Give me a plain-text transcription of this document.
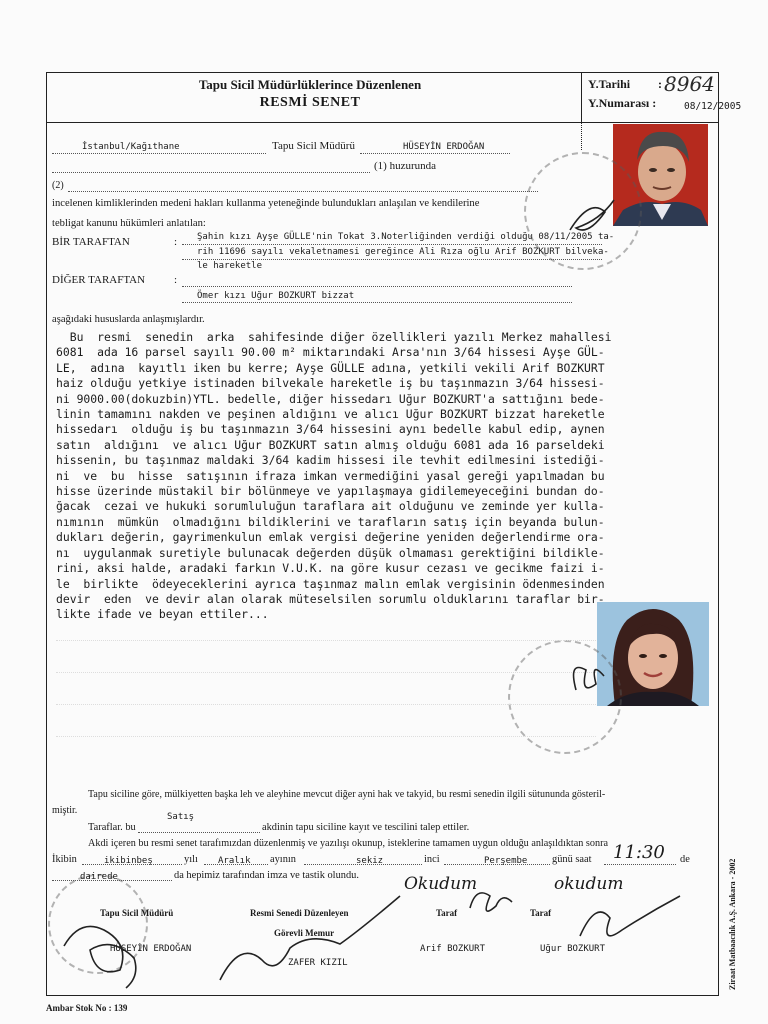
Tapu Sicil Müdürlüklerince Düzenlenen
RESMİ SENET
Y.Tarihi : 8964
Y.Numarası :	08/12/2005
İstanbul/Kağıthane	Tapu Sicil Müdürü	HÜSEYİN ERDOĞAN
(1) huzurunda
(2)
incelenen kimliklerinden medeni hakları kullanma yeteneğinde bulundukları anlaşılan ve kendilerine
tebligat kanunu hükümleri anlatılan:
BİR TARAFTAN	: Şahin kızı Ayşe GÜLLE'nin Tokat 3.Noterliğinden verdiği olduğu 08/11/2005 ta-
rih 11696 sayılı vekaletnamesi gereğince Ali Rıza oğlu Arif BOZKURT bilveka-
le hareketle
DİĞER TARAFTAN	:
Ömer kızı Uğur BOZKURT bizzat
aşağıdaki hususlarda anlaşmışlardır.
Bu  resmi  senedin  arka  sahifesinde diğer özellikleri yazılı Merkez mahallesi
6081  ada 16 parsel sayılı 90.00 m² miktarındaki Arsa'nın 3/64 hissesi Ayşe GÜL-
LE,  adına  kayıtlı iken bu kerre; Ayşe GÜLLE adına, yetkili vekili Arif BOZKURT
haiz olduğu yetkiye istinaden bilvekale hareketle iş bu taşınmazın 3/64 hissesi-
ni 9000.00(dokuzbin)YTL. bedelle, diğer hissedarı Uğur BOZKURT'a sattığını bede-
linin tamamını nakden ve peşinen aldığını ve alıcı Uğur BOZKURT bizzat hareketle
hissedarı  olduğu iş bu taşınmazın 3/64 hissesini aynı bedelle kabul edip, aynen
satın  aldığını  ve alıcı Uğur BOZKURT satın almış olduğu 6081 ada 16 parseldeki
hissenin, bu taşınmaz maldaki 3/64 kadim hissesi ile tevhit edilmesini istediği-
ni  ve  bu  hisse  satışının ifraza imkan vermediğini yasal gereği yapılmadan bu
hisse üzerinde müstakil bir bölünmeye ve yapılaşmaya gidilemeyeceğini bundan do-
ğacak  cezai ve hukuki sorumluluğun taraflara ait olduğunu ve zeminde yer kulla-
nımının  mümkün  olmadığını bildiklerini ve tarafların satış için beyanda bulun-
dukları değerin, gayrimenkulun emlak vergisi değerine yeniden değerlendirme ora-
nı  uygulanmak suretiyle bulunacak değerden düşük olmaması gerektiğini bildikle-
rini, aksi halde, aradaki farkın V.U.K. na göre kusur cezası ve gecikme faizi i-
le  birlikte  ödeyeceklerini ayrıca taşınmaz malın emlak vergisinin ödenmesinden
devir  eden  ve devir alan olarak müteselsilen sorumlu olduklarını taraflar bir-
likte ifade ve beyan ettiler...
Tapu siciline göre, mülkiyetten başka leh ve aleyhine mevcut diğer ayni hak ve takyid, bu resmi senedin ilgili sütununda gösteril-
miştir.
Satış
Taraflar. bu	akdinin tapu siciline kayıt ve tescilini talep ettiler.
Akdi içeren bu resmi senet tarafımızdan düzenlenmiş ve yazılışı okunup, isteklerine tamamen uygun olduğu anlaşıldıktan sonra
İkibin	ikibinbeş	yılı Aralık ayının	sekiz	inci	Perşembe günü saat 11:30 de
dairede	da hepimiz tarafından imza ve tastik olundu.
Tapu Sicil Müdürü
HÜSEYİN ERDOĞAN
Resmi Senedi Düzenleyen
Görevli Memur
ZAFER KIZIL
Taraf
Arif BOZKURT
Okudum
Taraf
Uğur BOZKURT
okudum
Ambar Stok No : 139
Ziraat Matbaacılık A.Ş. Ankara - 2002
